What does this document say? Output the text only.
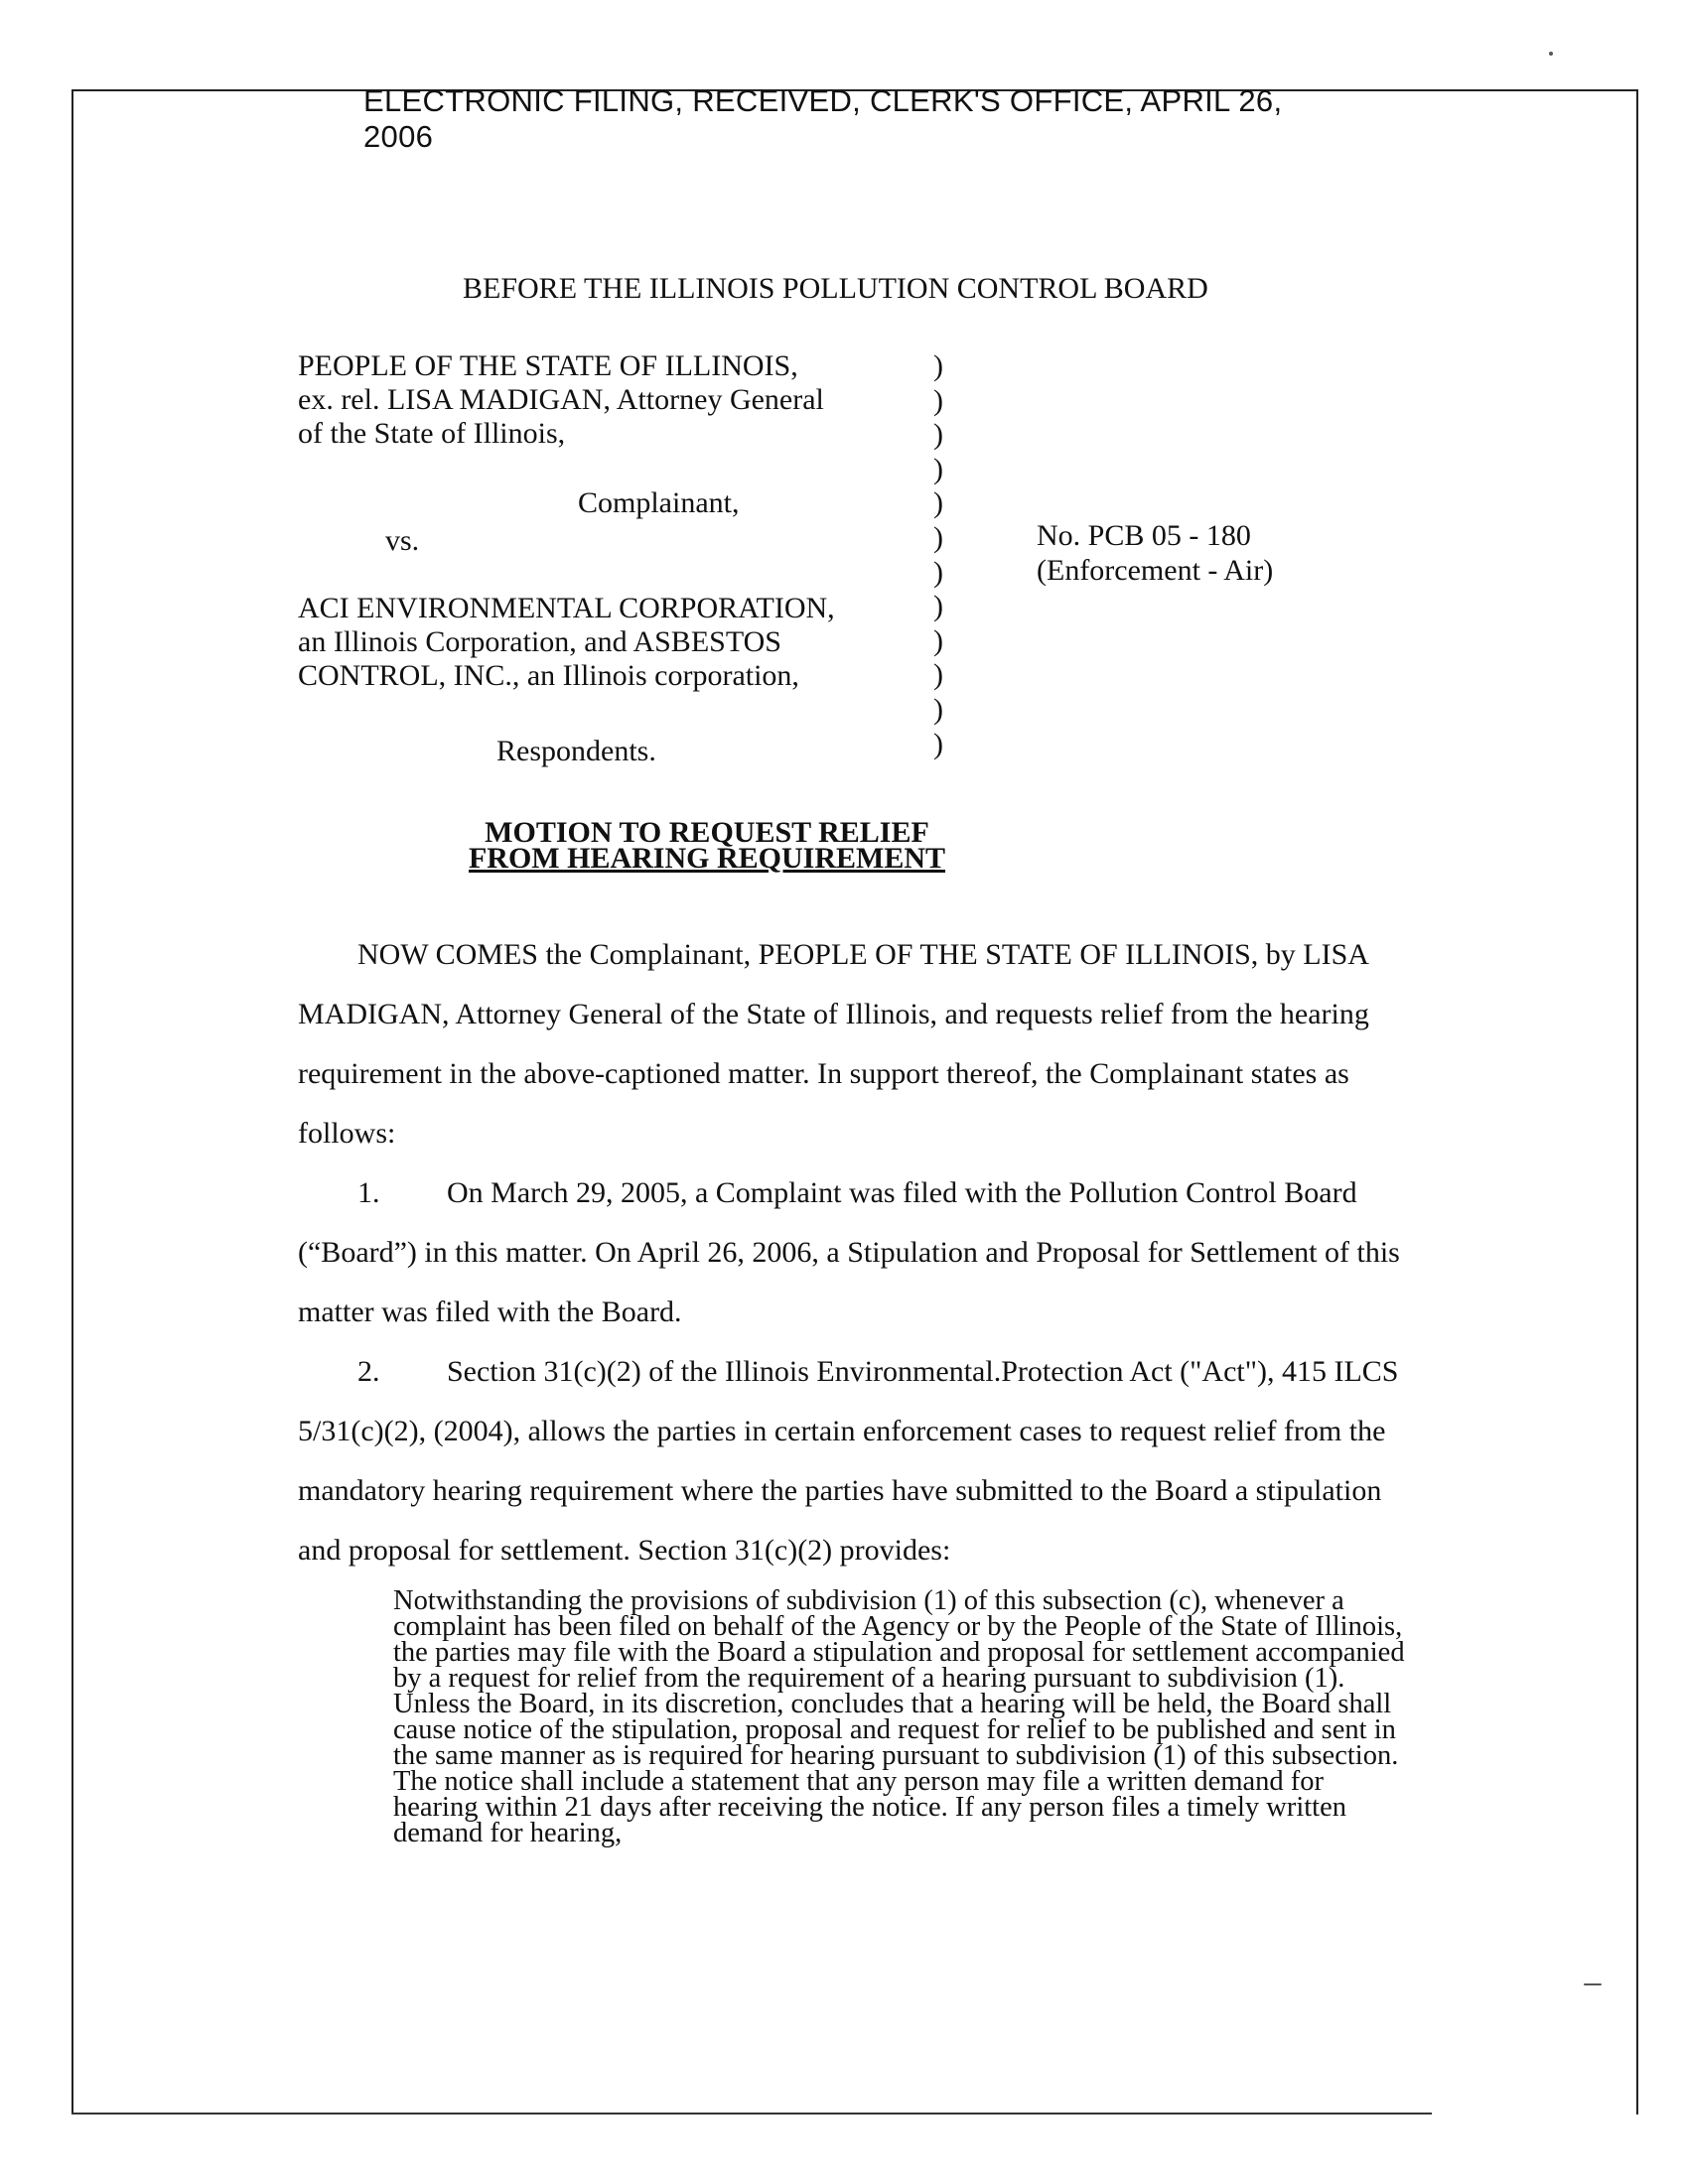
ELECTRONIC FILING, RECEIVED, CLERK'S OFFICE, APRIL 26, 2006
BEFORE THE ILLINOIS POLLUTION CONTROL BOARD
PEOPLE OF THE STATE OF ILLINOIS,
ex. rel. LISA MADIGAN, Attorney General
of the State of Illinois,
Complainant,
vs.
ACI ENVIRONMENTAL CORPORATION,
an Illinois Corporation, and ASBESTOS
CONTROL, INC., an Illinois corporation,
Respondents.
)
)
)
)
)
)
)
)
)
)
)
)
No. PCB 05 - 180
(Enforcement - Air)
MOTION TO REQUEST RELIEF
FROM HEARING REQUIREMENT

NOW COMES the Complainant, PEOPLE OF THE STATE OF ILLINOIS, by LISA MADIGAN, Attorney General of the State of Illinois, and requests relief from the hearing requirement in the above-captioned matter. In support thereof, the Complainant states as follows:

1. On March 29, 2005, a Complaint was filed with the Pollution Control Board (“Board”) in this matter. On April 26, 2006, a Stipulation and Proposal for Settlement of this matter was filed with the Board.

2. Section 31(c)(2) of the Illinois Environmental.Protection Act ("Act"), 415 ILCS 5/31(c)(2), (2004), allows the parties in certain enforcement cases to request relief from the mandatory hearing requirement where the parties have submitted to the Board a stipulation and proposal for settlement. Section 31(c)(2) provides:

Notwithstanding the provisions of subdivision (1) of this subsection (c), whenever a complaint has been filed on behalf of the Agency or by the People of the State of Illinois, the parties may file with the Board a stipulation and proposal for settlement accompanied by a request for relief from the requirement of a hearing pursuant to subdivision (1). Unless the Board, in its discretion, concludes that a hearing will be held, the Board shall cause notice of the stipulation, proposal and request for relief to be published and sent in the same manner as is required for hearing pursuant to subdivision (1) of this subsection. The notice shall include a statement that any person may file a written demand for hearing within 21 days after receiving the notice. If any person files a timely written demand for hearing,
